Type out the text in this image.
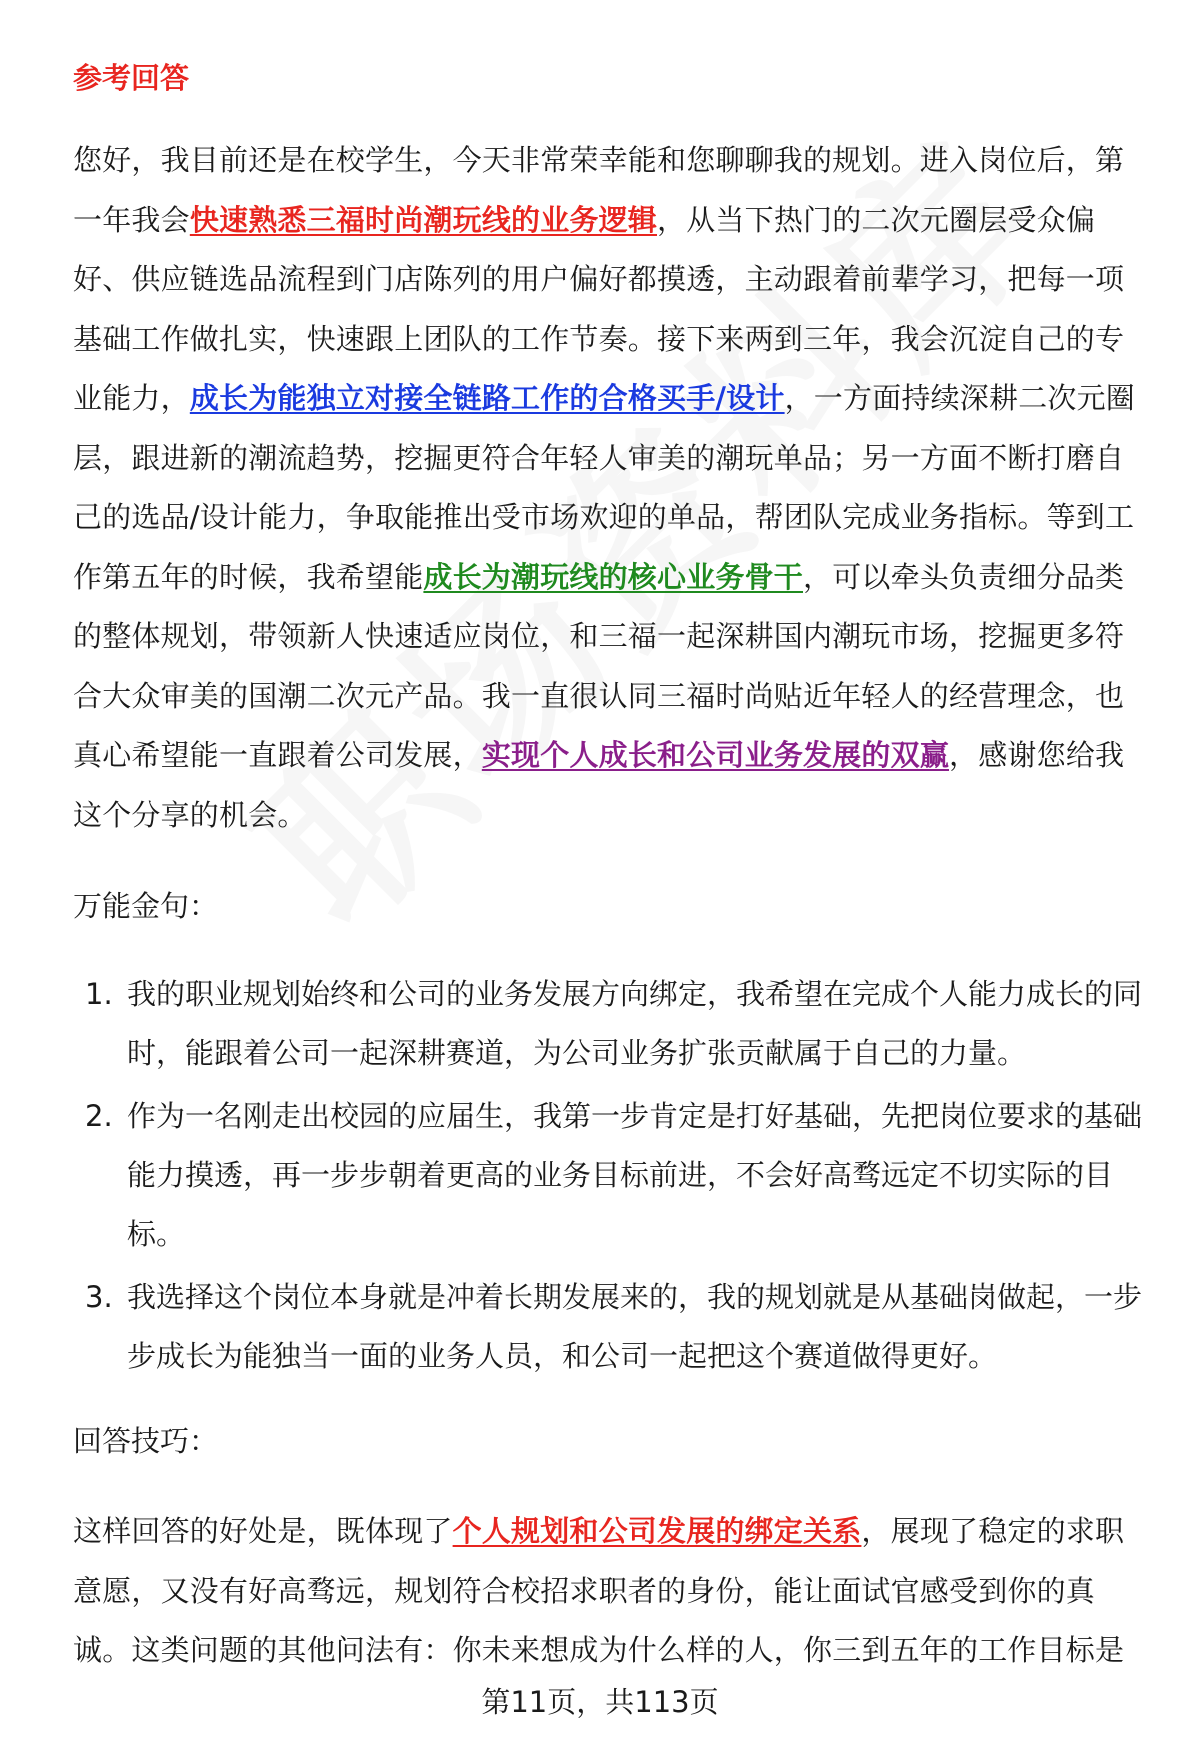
参考回答

您好，我目前还是在校学生，今天非常荣幸能和您聊聊我的规划。进入岗位后，第一年我会快速熟悉三福时尚潮玩线的业务逻辑，从当下热门的二次元圈层受众偏好、供应链选品流程到门店陈列的用户偏好都摸透，主动跟着前辈学习，把每一项基础工作做扎实，快速跟上团队的工作节奏。接下来两到三年，我会沉淀自己的专业能力，成长为能独立对接全链路工作的合格买手/设计，一方面持续深耕二次元圈层，跟进新的潮流趋势，挖掘更符合年轻人审美的潮玩单品；另一方面不断打磨自己的选品/设计能力，争取能推出受市场欢迎的单品，帮团队完成业务指标。等到工作第五年的时候，我希望能成长为潮玩线的核心业务骨干，可以牵头负责细分品类的整体规划，带领新人快速适应岗位，和三福一起深耕国内潮玩市场，挖掘更多符合大众审美的国潮二次元产品。我一直很认同三福时尚贴近年轻人的经营理念，也真心希望能一直跟着公司发展，实现个人成长和公司业务发展的双赢，感谢您给我这个分享的机会。

万能金句：
1. 我的职业规划始终和公司的业务发展方向绑定，我希望在完成个人能力成长的同时，能跟着公司一起深耕赛道，为公司业务扩张贡献属于自己的力量。
2. 作为一名刚走出校园的应届生，我第一步肯定是打好基础，先把岗位要求的基础能力摸透，再一步步朝着更高的业务目标前进，不会好高骛远定不切实际的目标。
3. 我选择这个岗位本身就是冲着长期发展来的，我的规划就是从基础岗做起，一步步成长为能独当一面的业务人员，和公司一起把这个赛道做得更好。
回答技巧：

这样回答的好处是，既体现了个人规划和公司发展的绑定关系，展现了稳定的求职意愿，又没有好高骛远，规划符合校招求职者的身份，能让面试官感受到你的真诚。这类问题的其他问法有：你未来想成为什么样的人，你三到五年的工作目标是

第11页，共113页
